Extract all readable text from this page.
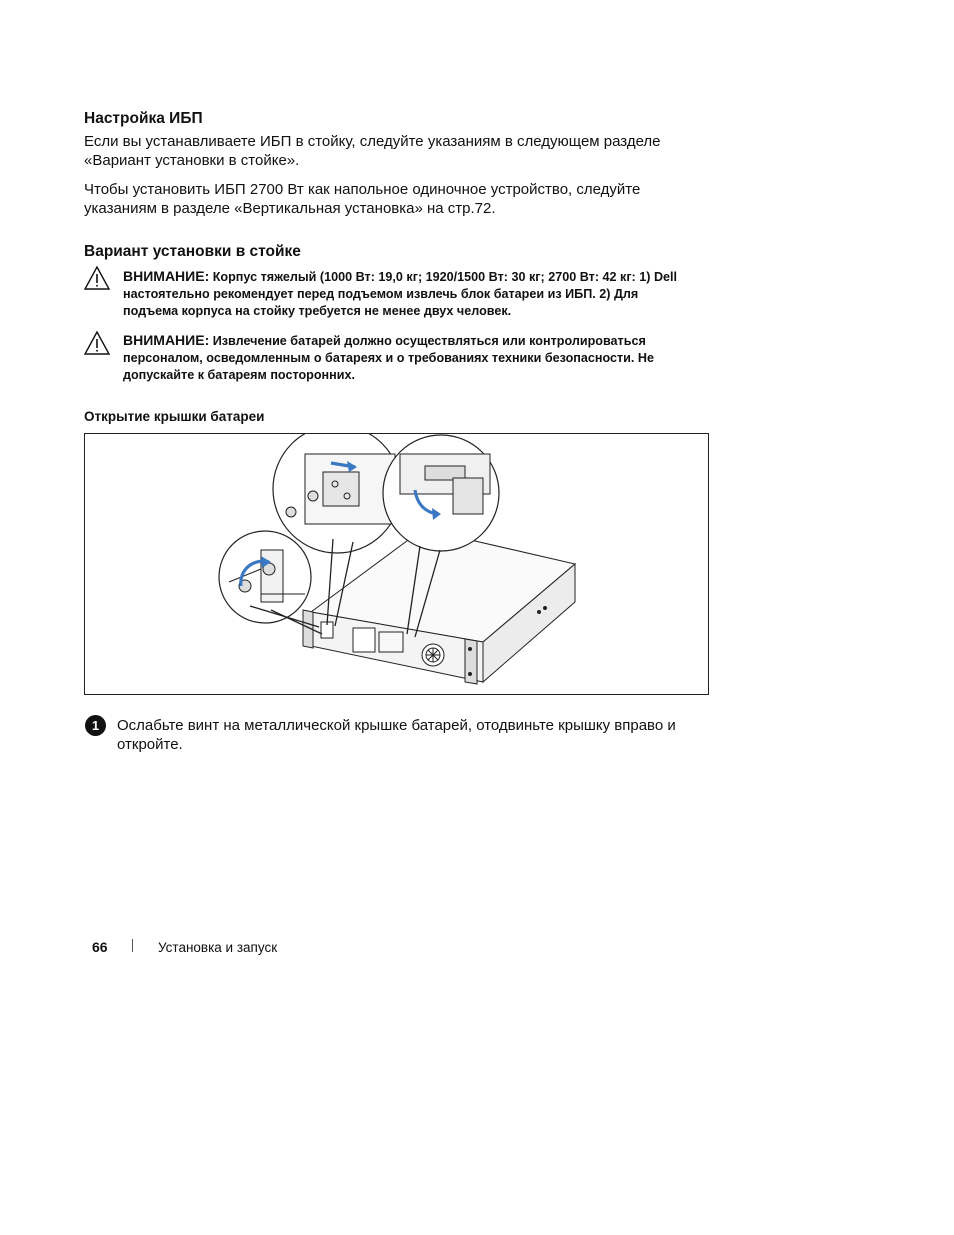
Настройка ИБП
Если вы устанавливаете ИБП в стойку, следуйте указаниям в следующем разделе
«Вариант установки в стойке».
Чтобы установить ИБП 2700 Вт как напольное одиночное устройство, следуйте
указаниям в разделе «Вертикальная установка» на стр.72.
Вариант установки в стойке
ВНИМАНИЕ: Корпус тяжелый (1000 Вт: 19,0 кг; 1920/1500 Вт: 30 кг; 2700 Вт: 42 кг: 1) Dell
настоятельно рекомендует перед подъемом извлечь блок батареи из ИБП. 2) Для
подъема корпуса на стойку требуется не менее двух человек.
ВНИМАНИЕ: Извлечение батарей должно осуществляться или контролироваться
персоналом, осведомленным о батареях и о требованиях техники безопасности. Не
допускайте к батареям посторонних.
Открытие крышки батареи
1	Ослабьте винт на металлической крышке батарей, отодвиньте крышку вправо и
откройте.
66	Установка и запуск
